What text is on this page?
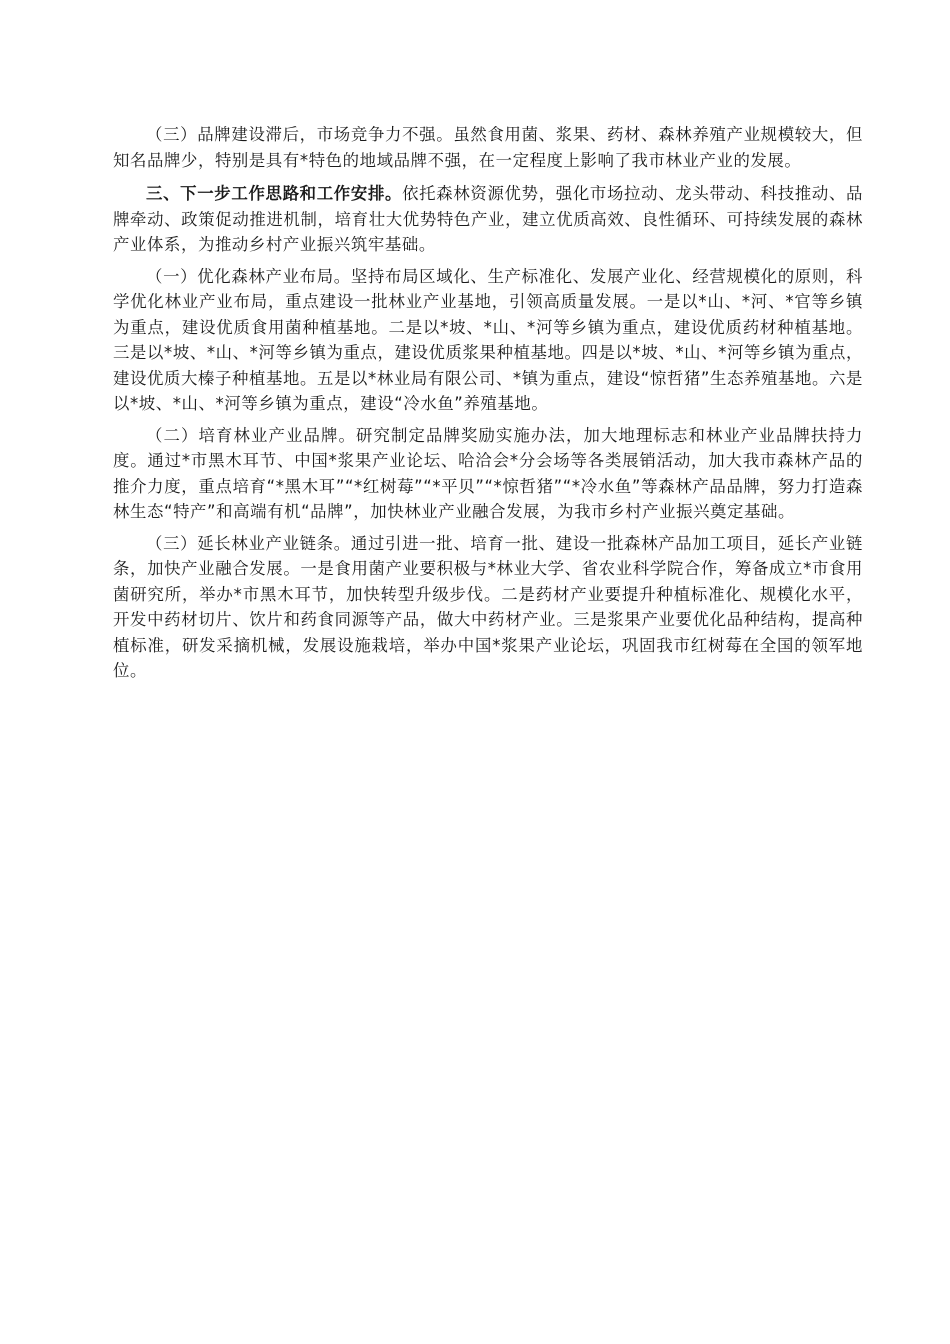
（三）品牌建设滞后，市场竞争力不强。虽然食用菌、浆果、药材、森林养殖产业规模较大，但知名品牌少，特别是具有*特色的地域品牌不强，在一定程度上影响了我市林业产业的发展。

三、下一步工作思路和工作安排。依托森林资源优势，强化市场拉动、龙头带动、科技推动、品牌牵动、政策促动推进机制，培育壮大优势特色产业，建立优质高效、良性循环、可持续发展的森林产业体系，为推动乡村产业振兴筑牢基础。

（一）优化森林产业布局。坚持布局区域化、生产标准化、发展产业化、经营规模化的原则，科学优化林业产业布局，重点建设一批林业产业基地，引领高质量发展。一是以*山、*河、*官等乡镇为重点，建设优质食用菌种植基地。二是以*坡、*山、*河等乡镇为重点，建设优质药材种植基地。三是以*坡、*山、*河等乡镇为重点，建设优质浆果种植基地。四是以*坡、*山、*河等乡镇为重点，建设优质大榛子种植基地。五是以*林业局有限公司、*镇为重点，建设“惊哲猪”生态养殖基地。六是以*坡、*山、*河等乡镇为重点，建设“冷水鱼”养殖基地。

（二）培育林业产业品牌。研究制定品牌奖励实施办法，加大地理标志和林业产业品牌扶持力度。通过*市黑木耳节、中国*浆果产业论坛、哈洽会*分会场等各类展销活动，加大我市森林产品的推介力度，重点培育“*黑木耳”“*红树莓”“*平贝”“*惊哲猪”“*冷水鱼”等森林产品品牌，努力打造森林生态“特产”和高端有机“品牌”，加快林业产业融合发展，为我市乡村产业振兴奠定基础。

（三）延长林业产业链条。通过引进一批、培育一批、建设一批森林产品加工项目，延长产业链条，加快产业融合发展。一是食用菌产业要积极与*林业大学、省农业科学院合作，筹备成立*市食用菌研究所，举办*市黑木耳节，加快转型升级步伐。二是药材产业要提升种植标准化、规模化水平，开发中药材切片、饮片和药食同源等产品，做大中药材产业。三是浆果产业要优化品种结构，提高种植标准，研发采摘机械，发展设施栽培，举办中国*浆果产业论坛，巩固我市红树莓在全国的领军地位。
